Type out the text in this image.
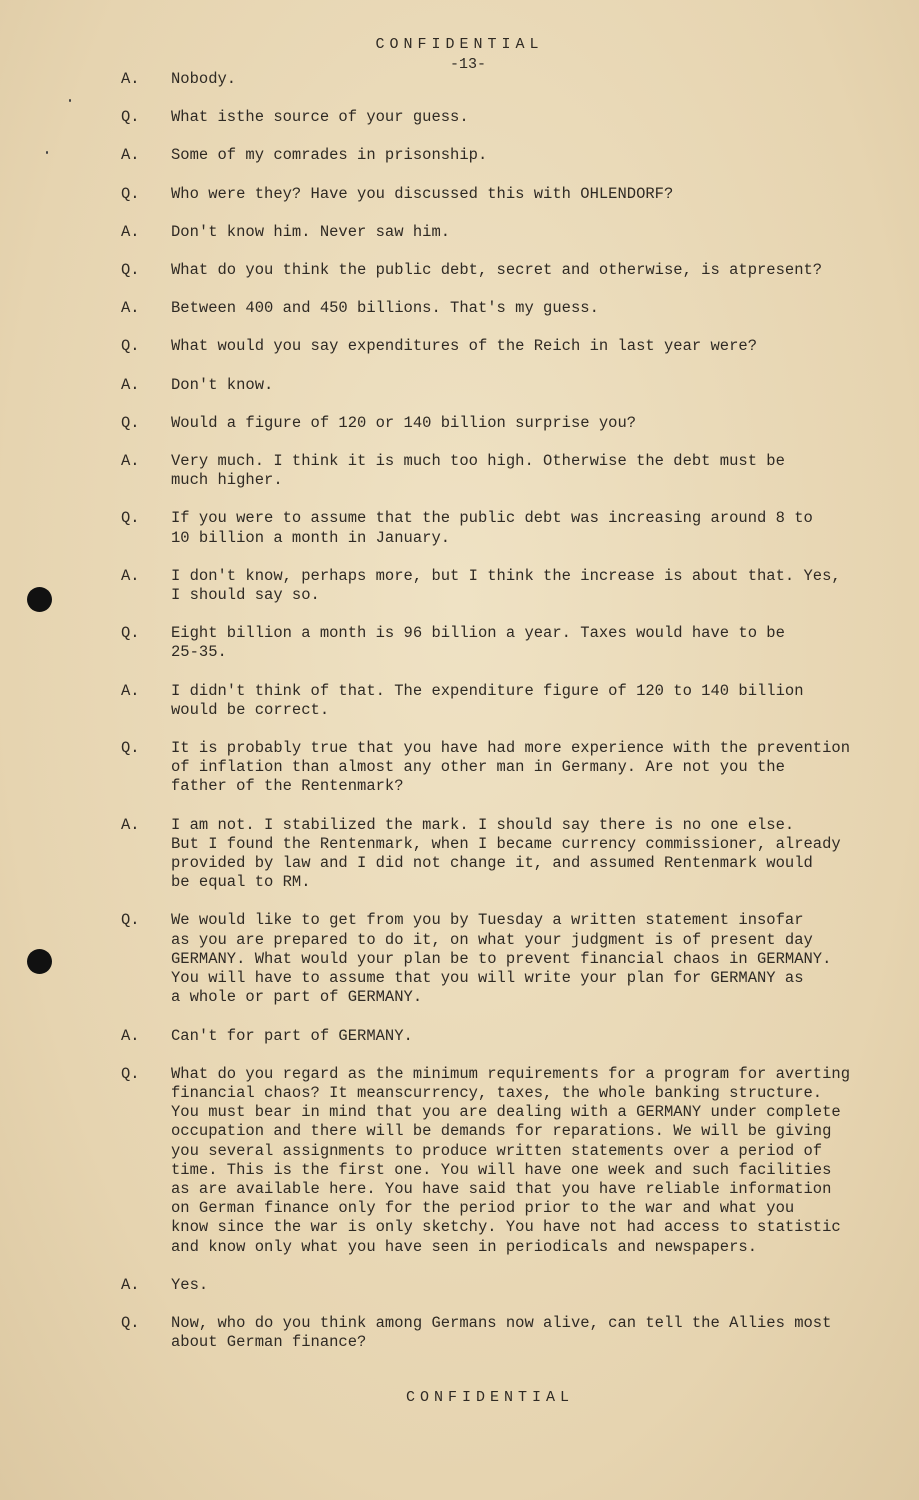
CONFIDENTIAL
-13-
A.	Nobody.
Q.	What isthe source of your guess.
A.	Some of my comrades in prisonship.
Q.	Who were they? Have you discussed this with OHLENDORF?
A.	Don't know him. Never saw him.
Q.	What do you think the public debt, secret and otherwise, is atpresent?
A.	Between 400 and 450 billions. That's my guess.
Q.	What would you say expenditures of the Reich in last year were?
A.	Don't know.
Q.	Would a figure of 120 or 140 billion surprise you?
A.	Very much. I think it is much too high. Otherwise the debt must be
much higher.
Q.	If you were to assume that the public debt was increasing around 8 to
10 billion a month in January.
A.	I don't know, perhaps more, but I think the increase is about that. Yes,
I should say so.
Q.	Eight billion a month is 96 billion a year. Taxes would have to be
25-35.
A.	I didn't think of that. The expenditure figure of 120 to 140 billion
would be correct.
Q.	It is probably true that you have had more experience with the prevention
of inflation than almost any other man in Germany. Are not you the
father of the Rentenmark?
A.	I am not. I stabilized the mark. I should say there is no one else.
But I found the Rentenmark, when I became currency commissioner, already
provided by law and I did not change it, and assumed Rentenmark would
be equal to RM.
Q.	We would like to get from you by Tuesday a written statement insofar
as you are prepared to do it, on what your judgment is of present day
GERMANY. What would your plan be to prevent financial chaos in GERMANY.
You will have to assume that you will write your plan for GERMANY as
a whole or part of GERMANY.
A.	Can't for part of GERMANY.
Q.	What do you regard as the minimum requirements for a program for averting
financial chaos? It meanscurrency, taxes, the whole banking structure.
You must bear in mind that you are dealing with a GERMANY under complete
occupation and there will be demands for reparations. We will be giving
you several assignments to produce written statements over a period of
time. This is the first one. You will have one week and such facilities
as are available here. You have said that you have reliable information
on German finance only for the period prior to the war and what you
know since the war is only sketchy. You have not had access to statistic
and know only what you have seen in periodicals and newspapers.
A.	Yes.
Q.	Now, who do you think among Germans now alive, can tell the Allies most
about German finance?
CONFIDENTIAL
